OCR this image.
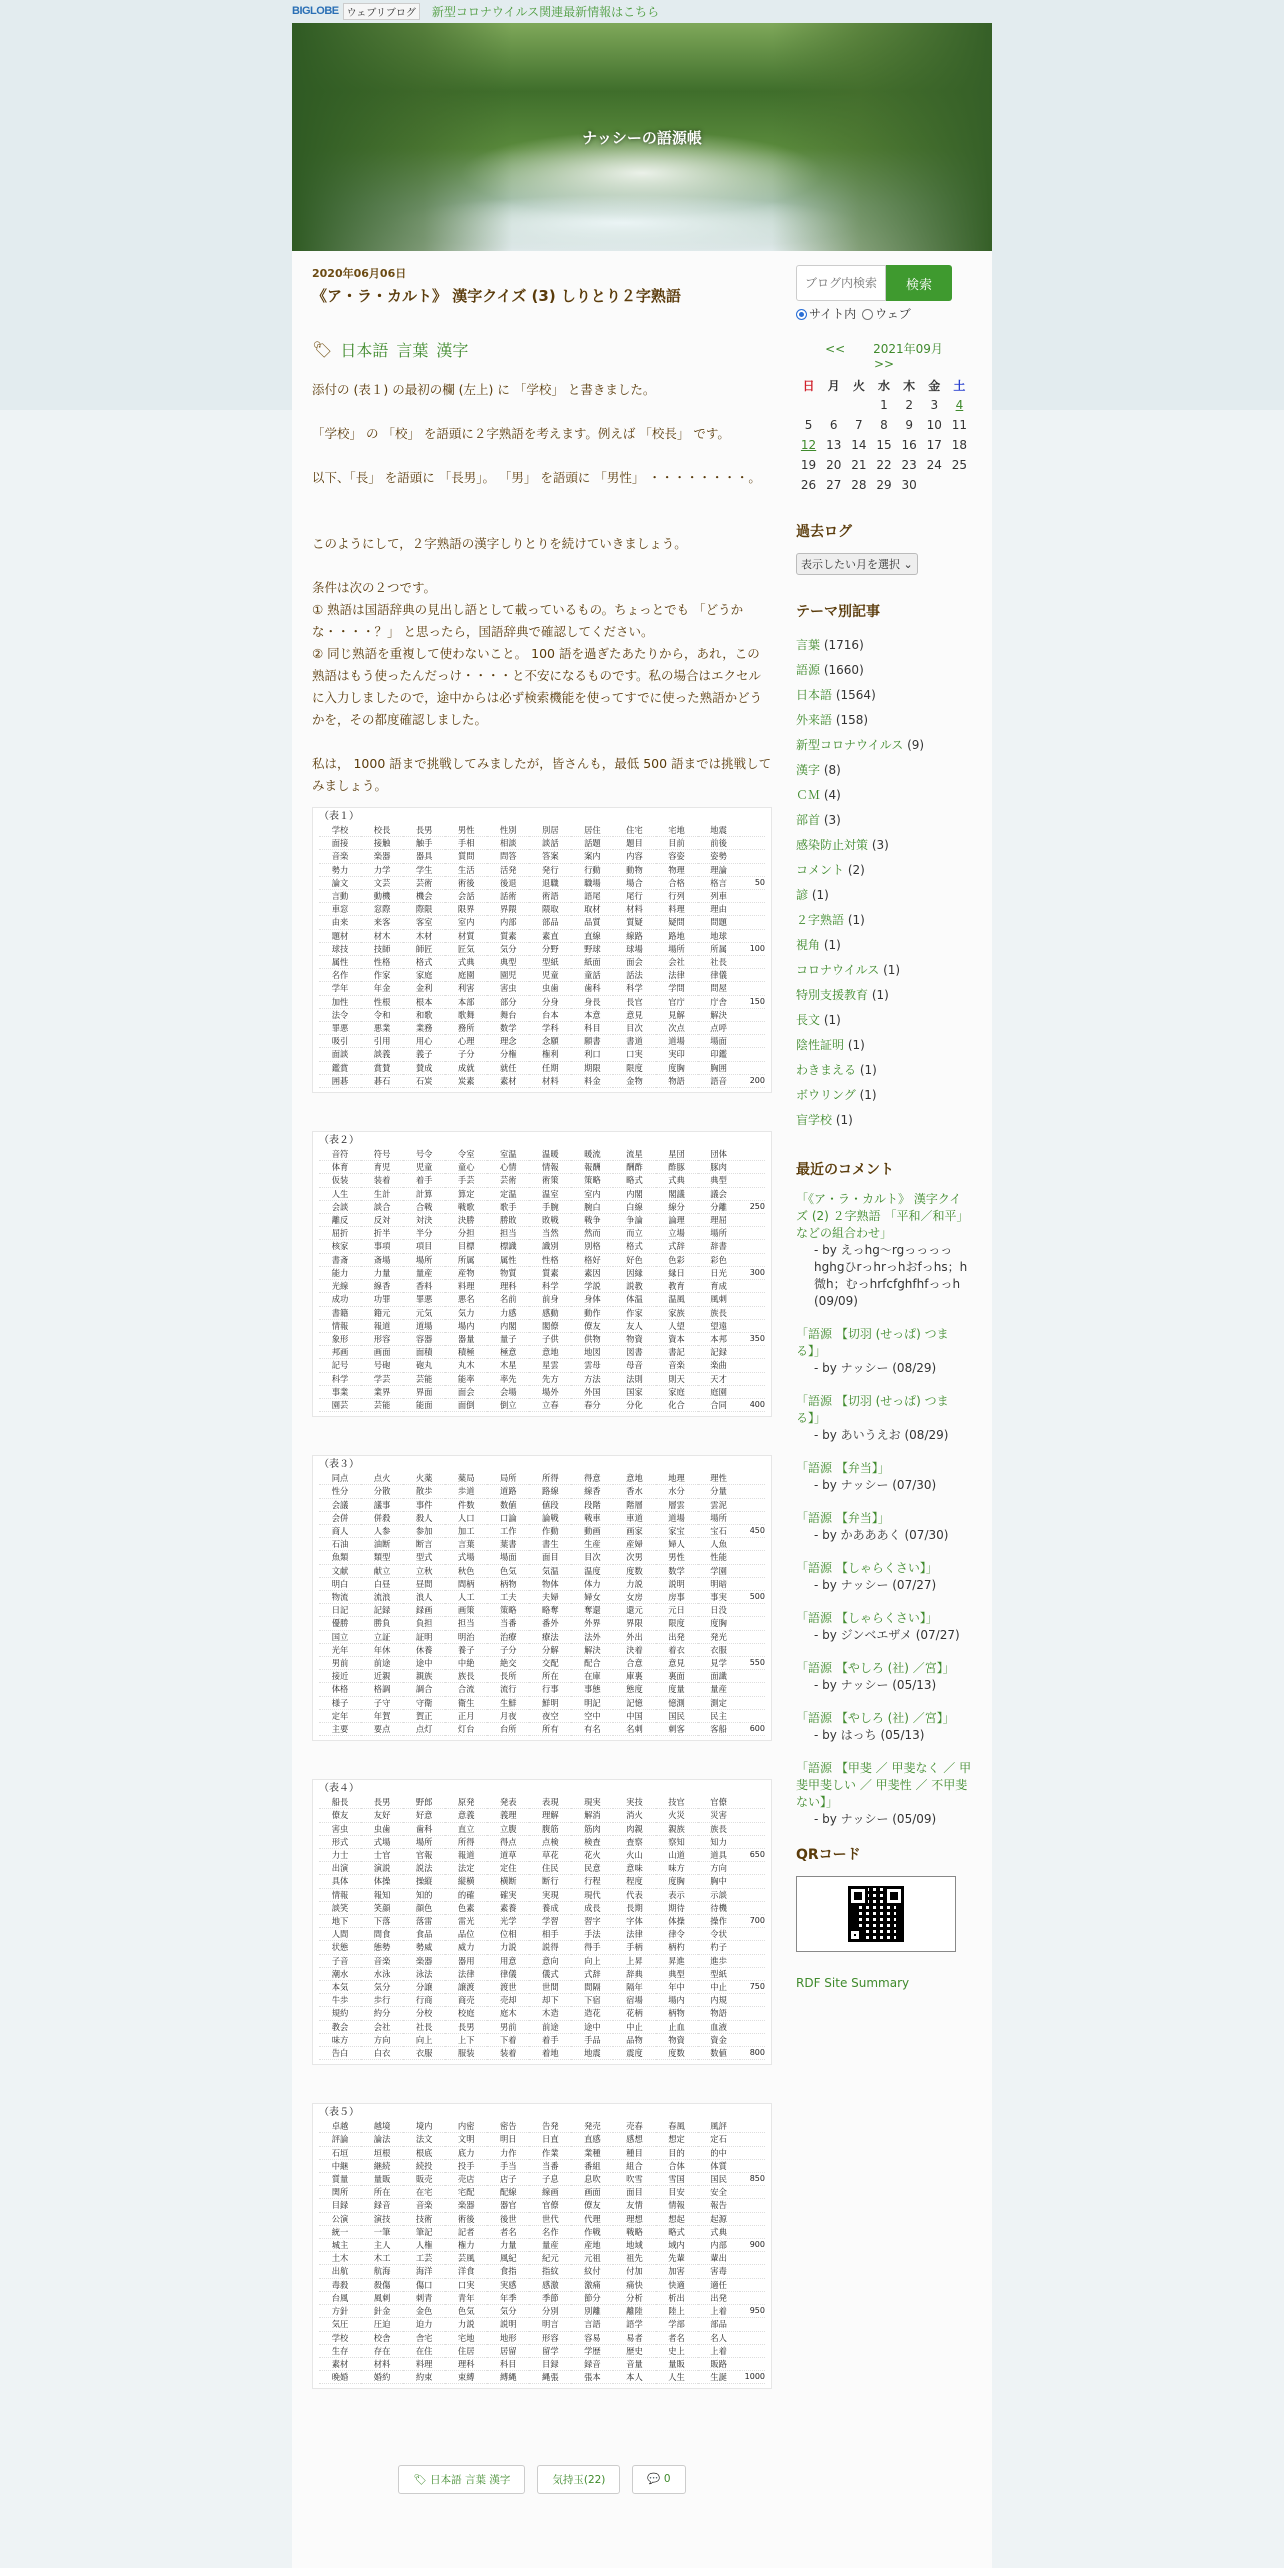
BIGLOBE ウェブリブログ	新型コロナウイルス関連最新情報はこちら
ナッシーの語源帳
2020年06月06日
《ア・ラ・カルト》 漢字クイズ (3) しりとり２字熟語
🏷 日本語 言葉 漢字

添付の (表１) の最初の欄 (左上) に 「学校」 と書きました。

「学校」 の 「校」 を語頭に２字熟語を考えます。例えば 「校長」 です。

以下、「長」 を語頭に 「長男」。 「男」 を語頭に 「男性」 ・・・・・・・・。

このようにして，２字熟語の漢字しりとりを続けていきましょう。

条件は次の２つです。
① 熟語は国語辞典の見出し語として載っているもの。ちょっとでも 「どうかな・・・・？」 と思ったら，国語辞典で確認してください。
② 同じ熟語を重複して使わないこと。 100 語を過ぎたあたりから，あれ，この熟語はもう使ったんだっけ・・・・と不安になるものです。私の場合はエクセルに入力しましたので，途中からは必ず検索機能を使ってすでに使った熟語かどうかを，その都度確認しました。

私は， 1000 語まで挑戦してみましたが，皆さんも，最低 500 語までは挑戦してみましょう。

（表１）
学校	校長	長男	男性	性別	別居	居住	住宅	宅地	地震	
面接	接触	触手	手相	相談	談話	話題	題目	目前	前後	
音楽	楽器	器具	質問	問答	答案	案内	内容	容姿	姿勢	
勢力	力学	学生	生活	活発	発行	行動	動物	物理	理論	
論文	文芸	芸術	術後	後退	退職	職場	場合	合格	格言	50
言動	動機	機会	会話	話術	術語	語尾	尾行	行列	列車	
車窓	窓際	際限	限界	界隈	隈取	取材	材料	料理	理由	
由来	来客	客室	室内	内部	部品	品質	質疑	疑問	問題	
題材	材木	木材	材質	質素	素直	直線	線路	路地	地球	
球技	技師	師匠	匠気	気分	分野	野球	球場	場所	所属	100
属性	性格	格式	式典	典型	型紙	紙面	面会	会社	社長	
名作	作家	家庭	庭園	園児	児童	童話	話法	法律	律儀	
学年	年金	金利	利害	害虫	虫歯	歯科	科学	学問	問屋	
加性	性根	根本	本部	部分	分身	身長	長官	官庁	庁舎	150
法令	令和	和歌	歌舞	舞台	台本	本意	意見	見解	解決	
罪悪	悪業	業務	務所	数学	学科	科目	目次	次点	点呼	
吸引	引用	用心	心理	理念	念願	願書	書道	道場	場面	
面談	談義	義子	子分	分権	権利	利口	口実	実印	印鑑	
鑑賞	賞賛	賛成	成就	就任	任期	期限	限度	度胸	胸囲	
囲碁	碁石	石炭	炭素	素材	材料	料金	金物	物語	語音	200
（表２）
音符	符号	号令	令室	室温	温暖	暖流	流星	星団	団体	
体育	育児	児童	童心	心情	情報	報酬	酬酢	酢豚	豚肉	
仮装	装着	着手	手芸	芸術	術策	策略	略式	式典	典型	
人生	生計	計算	算定	定温	温室	室内	内閣	閣議	議会	
会談	談合	合戦	戦歌	歌手	手腕	腕白	白線	線分	分離	250
離反	反対	対決	決勝	勝敗	敗戦	戦争	争論	論理	理屈	
屈折	折半	半分	分担	担当	当然	然而	而立	立場	場所	
核家	事項	項目	目標	標識	識別	別格	格式	式辞	辞書	
書斎	斎場	場所	所属	属性	性格	格好	好色	色彩	彩色	
能力	力量	量産	産物	物質	質素	素因	因縁	縁日	日光	300
光線	線香	香料	料理	理科	科学	学説	説教	教育	育成	
成功	功罪	罪悪	悪名	名前	前身	身体	体温	温風	風刺	
書籍	籍元	元気	気力	力感	感動	動作	作家	家族	族長	
情報	報道	道場	場内	内閣	閣僚	僚友	友人	人望	望遠	
象形	形容	容器	器量	量子	子供	供物	物資	資本	本邦	350
邦画	画面	面積	積極	極意	意地	地図	図書	書記	記録	
記号	号砲	砲丸	丸木	木星	星雲	雲母	母音	音楽	楽曲	
科学	学芸	芸能	能率	率先	先方	方法	法則	則天	天才	
事業	業界	界面	面会	会場	場外	外国	国家	家庭	庭園	
園芸	芸能	能面	面倒	倒立	立春	春分	分化	化合	合同	400
（表３）
同点	点火	火薬	薬局	局所	所得	得意	意地	地理	理性	
性分	分散	散歩	歩道	道路	路線	線香	香水	水分	分量	
会議	議事	事件	件数	数値	値段	段階	階層	層雲	雲泥	
会併	併殺	殺人	人口	口論	論戦	戦車	車道	道場	場所	
商人	人参	参加	加工	工作	作動	動画	画家	家宝	宝石	450
石油	油断	断言	言葉	葉書	書生	生産	産婦	婦人	人魚	
魚類	類型	型式	式場	場面	面目	目次	次男	男性	性能	
文献	献立	立秋	秋色	色気	気温	温度	度数	数学	学園	
明白	白昼	昼間	間柄	柄物	物体	体力	力説	説明	明暗	
物流	流浪	浪人	人工	工夫	夫婦	婦女	女房	房事	事実	500
日記	記録	録画	画策	策略	略奪	奪還	還元	元日	日没	
優勝	勝負	負担	担当	当番	番外	外界	界限	限度	度胸	
国立	立証	証明	明治	治療	療法	法外	外出	出発	発光	
光年	年休	休養	養子	子分	分解	解決	決着	着衣	衣服	
男前	前途	途中	中絶	絶交	交配	配合	合意	意見	見学	550
接近	近親	親族	族長	長所	所在	在庫	庫裏	裏面	面識	
体格	格調	調合	合流	流行	行事	事態	態度	度量	量産	
様子	子守	守衛	衛生	生鮮	鮮明	明記	記憶	憶測	測定	
定年	年賀	賀正	正月	月夜	夜空	空中	中国	国民	民主	
主要	要点	点灯	灯台	台所	所有	有名	名刺	刺客	客船	600
（表４）
船長	長男	野郎	原発	発表	表現	現実	実技	技官	官僚	
僚友	友好	好意	意義	義理	理解	解消	消火	火災	災害	
害虫	虫歯	歯科	直立	立腹	腹筋	筋肉	肉親	親族	族長	
形式	式場	場所	所得	得点	点検	検査	査察	察知	知力	
力士	士官	官報	報道	道草	草花	花火	火山	山道	道具	650
出演	演説	説法	法定	定住	住民	民意	意味	味方	方向	
具体	体操	操縦	縦横	横断	断行	行程	程度	度胸	胸中	
情報	報知	知的	的確	確実	実現	現代	代表	表示	示談	
談笑	笑顔	顔色	色素	素養	養成	成長	長期	期待	待機	
地下	下落	落雷	雷光	光学	学習	習字	字体	体操	操作	700
人間	間食	食品	品位	位相	相手	手法	法律	律令	令状	
状態	態勢	勢威	威力	力説	説得	得手	手柄	柄杓	杓子	
子音	音楽	楽器	器用	用意	意向	向上	上昇	昇進	進歩	
潮水	水泳	泳法	法律	律儀	儀式	式辞	辞典	典型	型紙	
本気	気分	分譲	譲渡	渡世	世間	間隔	隔年	年中	中止	750
牛歩	歩行	行商	商売	売却	却下	下宿	宿場	場内	内規	
規約	約分	分校	校庭	庭木	木造	造花	花柄	柄物	物語	
教会	会社	社長	長男	男前	前途	途中	中止	止血	血液	
味方	方向	向上	上下	下着	着手	手品	品物	物資	資金	
告白	白衣	衣服	服装	装着	着地	地震	震度	度数	数値	800
（表５）
卓越	越境	境内	内密	密告	告発	発売	売春	春風	風評	
評論	論法	法文	文明	明日	日直	直感	感想	想定	定石	
石垣	垣根	根底	底力	力作	作業	業種	種目	目的	的中	
中継	継続	続投	投手	手当	当番	番組	組合	合体	体質	
質量	量販	販売	売店	店子	子息	息吹	吹雪	雪国	国民	850
関所	所在	在宅	宅配	配線	線画	画面	面目	目安	安全	
目録	録音	音楽	楽器	器官	官僚	僚友	友情	情報	報告	
公演	演技	技術	術後	後世	世代	代理	理想	想起	起源	
統一	一筆	筆記	記者	者名	名作	作戦	戦略	略式	式典	
城主	主人	人権	権力	力量	量産	産地	地域	域内	内部	900
土木	木工	工芸	芸風	風紀	紀元	元祖	祖先	先輩	輩出	
出航	航海	海洋	洋食	食指	指紋	紋付	付加	加害	害毒	
毒殺	殺傷	傷口	口実	実感	感激	激痛	痛快	快適	適任	
台風	風刺	刺青	青年	年季	季節	節分	分析	析出	出発	
方針	針金	金色	色気	気分	分別	別離	離陸	陸上	上着	950
気圧	圧迫	迫力	力説	説明	明言	言語	語学	学部	部品	
学校	校舎	舎宅	宅地	地形	形容	容易	易者	者名	名人	
生存	存在	在住	住居	居留	留学	学歴	歴史	史上	上着	
素材	材料	料理	理科	科目	目録	録音	音量	量販	販路	
晩婚	婚約	約束	束縛	縛縄	縄張	張本	本人	人生	生誕	1000
🏷 日本語 言葉 漢字	気持玉(22)	💬 0
ブログ内検索
検索
サイト内	ウェブ
<< 2021年09月 >>
日	月	火	水	木	金	土
			1	2	3	4
5	6	7	8	9	10	11
12	13	14	15	16	17	18
19	20	21	22	23	24	25
26	27	28	29	30		
過去ログ
表示したい月を選択 ⌄
テーマ別記事
言葉 (1716)
語源 (1660)
日本語 (1564)
外来語 (158)
新型コロナウイルス (9)
漢字 (8)
ＣＭ (4)
部首 (3)
感染防止対策 (3)
コメント (2)
諺 (1)
２字熟語 (1)
視角 (1)
コロナウイルス (1)
特別支援教育 (1)
長文 (1)
陰性証明 (1)
わきまえる (1)
ボウリング (1)
盲学校 (1)
最近のコメント
「《ア・ラ・カルト》 漢字クイズ (2) ２字熟語 「平和／和平」 などの組合わせ」
- by えっhg〜rgっっっっhghgひrっhrっhおfっhs；h微h；むっhrfcfghfhfっっh (09/09)
「語源 【切羽 (せっぱ) つまる】」
- by ナッシー (08/29)
「語源 【切羽 (せっぱ) つまる】」
- by あいうえお (08/29)
「語源 【弁当】」
- by ナッシー (07/30)
「語源 【弁当】」
- by かあああく (07/30)
「語源 【しゃらくさい】」
- by ナッシー (07/27)
「語源 【しゃらくさい】」
- by ジンベエザメ (07/27)
「語源 【やしろ (社) ／宮】」
- by ナッシー (05/13)
「語源 【やしろ (社) ／宮】」
- by はっち (05/13)
「語源 【甲斐 ／ 甲斐なく ／ 甲斐甲斐しい ／ 甲斐性 ／ 不甲斐ない】」
- by ナッシー (05/09)
QRコード
RDF Site Summary
